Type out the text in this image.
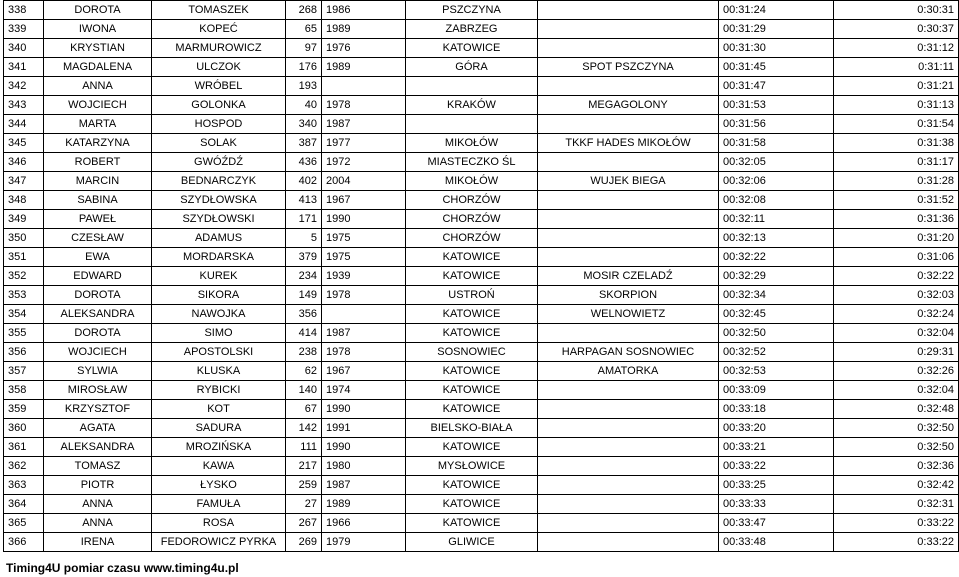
338	DOROTA	TOMASZEK	268	1986	PSZCZYNA		00:31:24	0:30:31
339	IWONA	KOPEĆ	65	1989	ZABRZEG		00:31:29	0:30:37
340	KRYSTIAN	MARMUROWICZ	97	1976	KATOWICE		00:31:30	0:31:12
341	MAGDALENA	ULCZOK	176	1989	GÓRA	SPOT PSZCZYNA	00:31:45	0:31:11
342	ANNA	WRÓBEL	193				00:31:47	0:31:21
343	WOJCIECH	GOLONKA	40	1978	KRAKÓW	MEGAGOLONY	00:31:53	0:31:13
344	MARTA	HOSPOD	340	1987			00:31:56	0:31:54
345	KATARZYNA	SOLAK	387	1977	MIKOŁÓW	TKKF HADES MIKOŁÓW	00:31:58	0:31:38
346	ROBERT	GWÓŹDŹ	436	1972	MIASTECZKO ŚL		00:32:05	0:31:17
347	MARCIN	BEDNARCZYK	402	2004	MIKOŁÓW	WUJEK BIEGA	00:32:06	0:31:28
348	SABINA	SZYDŁOWSKA	413	1967	CHORZÓW		00:32:08	0:31:52
349	PAWEŁ	SZYDŁOWSKI	171	1990	CHORZÓW		00:32:11	0:31:36
350	CZESŁAW	ADAMUS	5	1975	CHORZÓW		00:32:13	0:31:20
351	EWA	MORDARSKA	379	1975	KATOWICE		00:32:22	0:31:06
352	EDWARD	KUREK	234	1939	KATOWICE	MOSIR CZELADŹ	00:32:29	0:32:22
353	DOROTA	SIKORA	149	1978	USTROŃ	SKORPION	00:32:34	0:32:03
354	ALEKSANDRA	NAWOJKA	356		KATOWICE	WELNOWIETZ	00:32:45	0:32:24
355	DOROTA	SIMO	414	1987	KATOWICE		00:32:50	0:32:04
356	WOJCIECH	APOSTOLSKI	238	1978	SOSNOWIEC	HARPAGAN SOSNOWIEC	00:32:52	0:29:31
357	SYLWIA	KLUSKA	62	1967	KATOWICE	AMATORKA	00:32:53	0:32:26
358	MIROSŁAW	RYBICKI	140	1974	KATOWICE		00:33:09	0:32:04
359	KRZYSZTOF	KOT	67	1990	KATOWICE		00:33:18	0:32:48
360	AGATA	SADURA	142	1991	BIELSKO-BIAŁA		00:33:20	0:32:50
361	ALEKSANDRA	MROZIŃSKA	111	1990	KATOWICE		00:33:21	0:32:50
362	TOMASZ	KAWA	217	1980	MYSŁOWICE		00:33:22	0:32:36
363	PIOTR	ŁYSKO	259	1987	KATOWICE		00:33:25	0:32:42
364	ANNA	FAMUŁA	27	1989	KATOWICE		00:33:33	0:32:31
365	ANNA	ROSA	267	1966	KATOWICE		00:33:47	0:33:22
366	IRENA	FEDOROWICZ PYRKA	269	1979	GLIWICE		00:33:48	0:33:22
Timing4U pomiar czasu www.timing4u.pl
